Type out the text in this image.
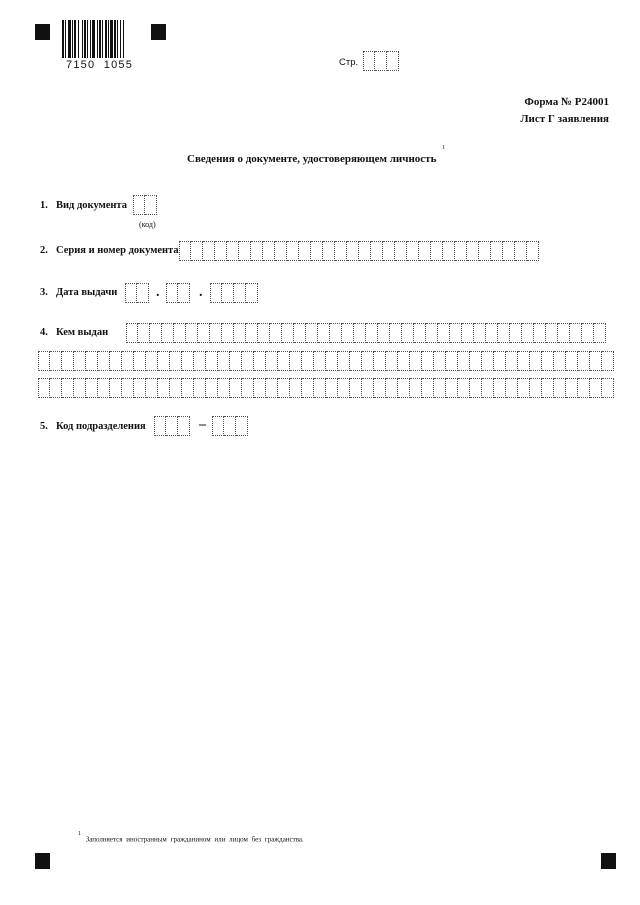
7150  1055	Стр.
Форма № Р24001
Лист Г заявления
Сведения о документе, удостоверяющем личность $^1$
1. Вид документа
(код)
2. Серия и номер документа
3. Дата выдачи	.	.
4. Кем выдан
5. Код подразделения	–
$^1$ Заполняется иностранным гражданином или лицом без гражданства.
